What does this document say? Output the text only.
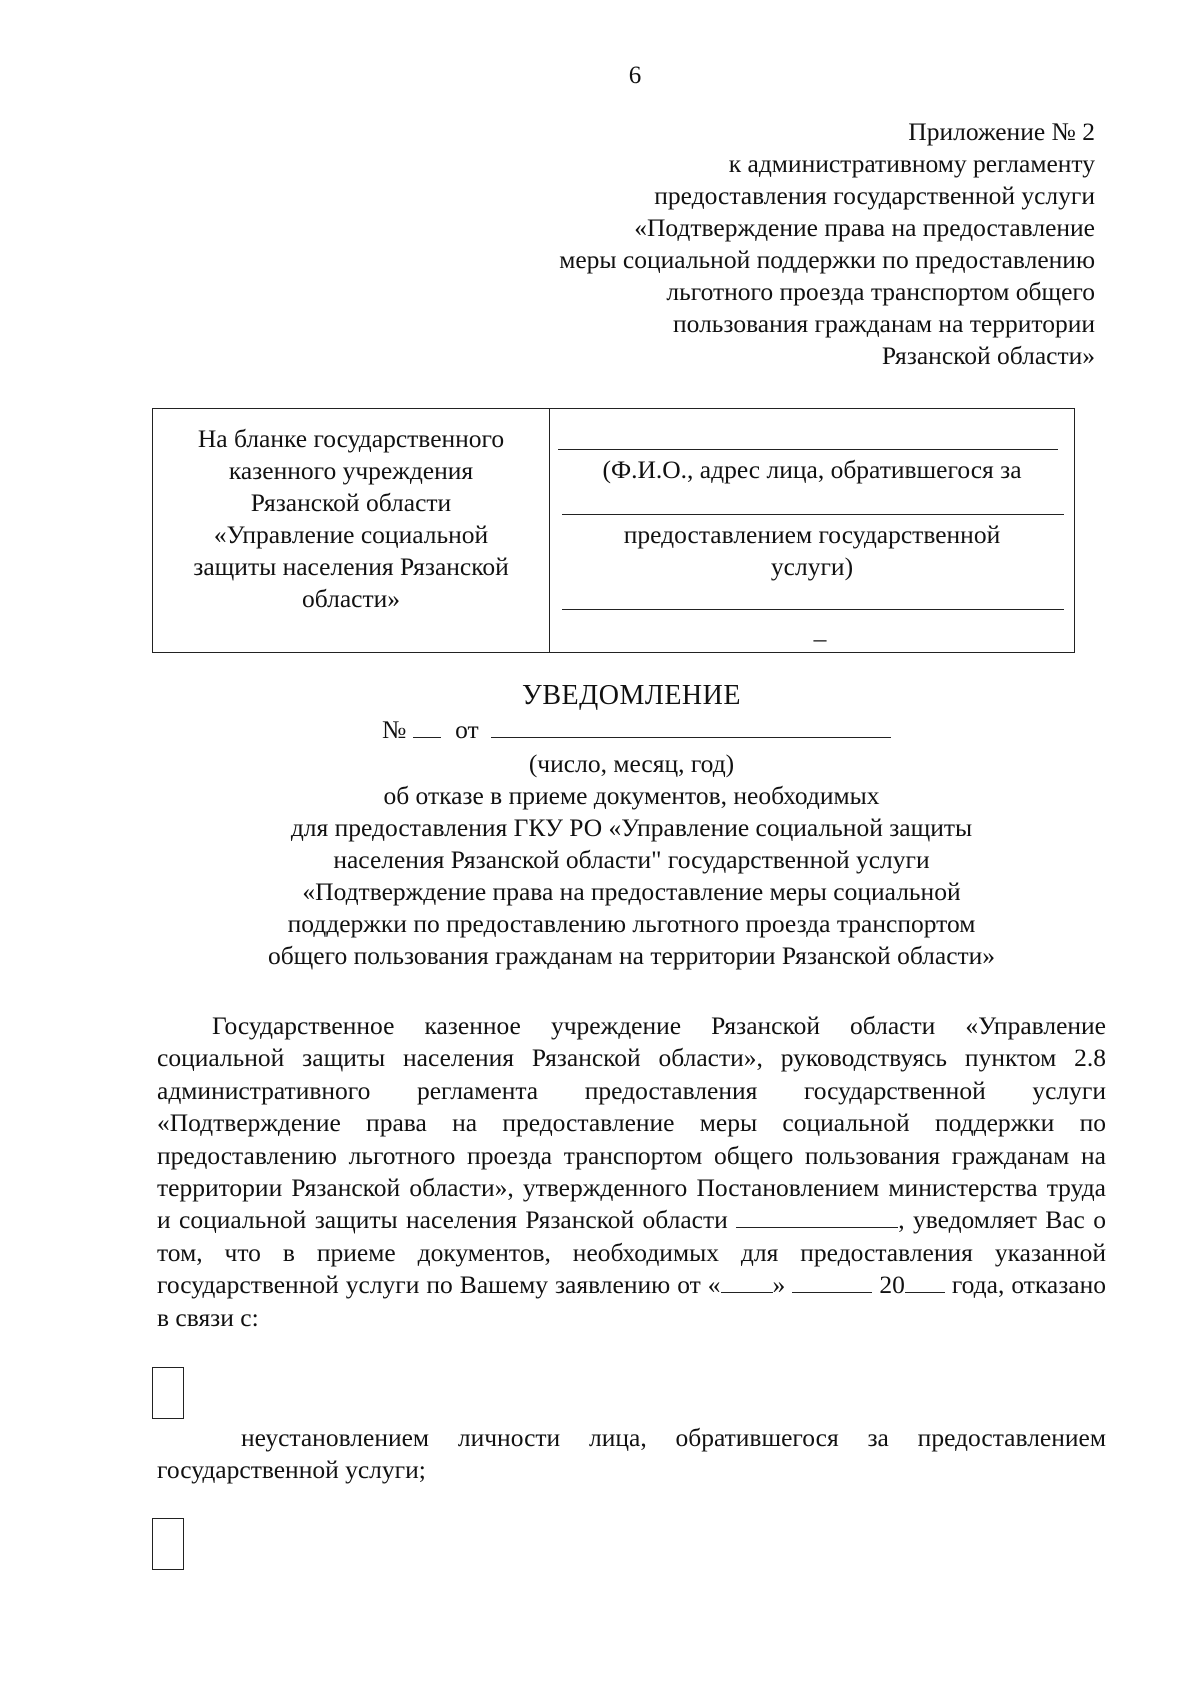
6
Приложение № 2
к административному регламенту
предоставления государственной услуги
«Подтверждение права на предоставление
меры социальной поддержки по предоставлению
льготного проезда транспортом общего
пользования гражданам на территории
Рязанской области»
На бланке государственного
казенного учреждения
Рязанской области
«Управление социальной
защиты населения Рязанской
области»
(Ф.И.О., адрес лица, обратившегося за
предоставлением государственной
услуги)
_
УВЕДОМЛЕНИЕ
№ от
(число, месяц, год)
об отказе в приеме документов, необходимых
для предоставления ГКУ РО «Управление социальной защиты
населения Рязанской области" государственной услуги
«Подтверждение права на предоставление меры социальной
поддержки по предоставлению льготного проезда транспортом
общего пользования гражданам на территории Рязанской области»
Государственное казенное учреждение Рязанской области «Управление социальной защиты населения Рязанской области», руководствуясь пунктом 2.8 административного регламента предоставления государственной услуги «Подтверждение права на предоставление меры социальной поддержки по предоставлению льготного проезда транспортом общего пользования гражданам на территории Рязанской области», утвержденного Постановлением министерства труда и социальной защиты населения Рязанской области	, уведомляет Вас о том, что в приеме документов, необходимых для предоставления указанной государственной услуги по Вашему заявлению от « »	20 года, отказано в связи с:
неустановлением личности лица, обратившегося за предоставлением государственной услуги;
